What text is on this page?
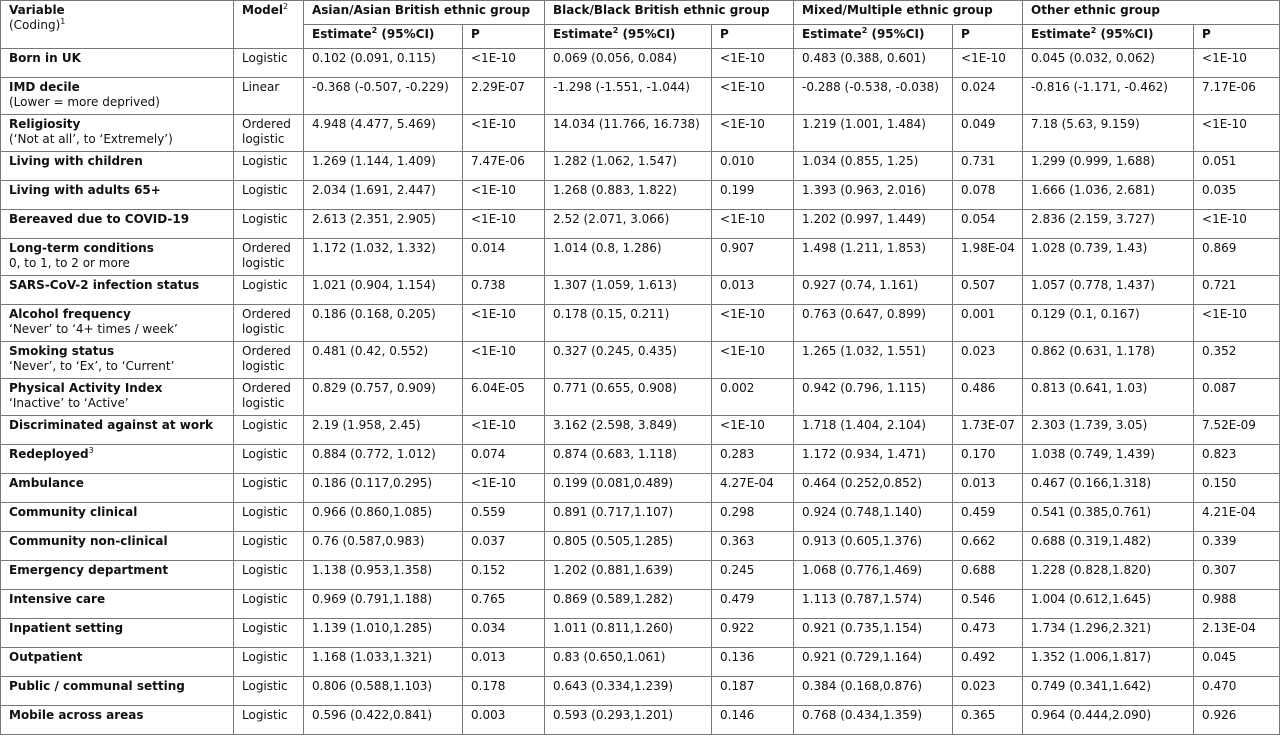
Variable
(Coding)$^1$	Model$^2$	Asian/Asian British ethnic group		Black/Black British ethnic group		Mixed/Multiple ethnic group		Other ethnic group	
		Estimate$^2$ (95%CI)	P	Estimate$^2$ (95%CI)	P	Estimate$^2$ (95%CI)	P	Estimate$^2$ (95%CI)	P
Born in UK	Logistic	0.102 (0.091, 0.115)	<1E-10	0.069 (0.056, 0.084)	<1E-10	0.483 (0.388, 0.601)	<1E-10	0.045 (0.032, 0.062)	<1E-10
IMD decile
(Lower = more deprived)	Linear	-0.368 (-0.507, -0.229)	2.29E-07	-1.298 (-1.551, -1.044)	<1E-10	-0.288 (-0.538, -0.038)	0.024	-0.816 (-1.171, -0.462)	7.17E-06
Religiosity
(‘Not at all’, to ‘Extremely’)	Ordered logistic	4.948 (4.477, 5.469)	<1E-10	14.034 (11.766, 16.738)	<1E-10	1.219 (1.001, 1.484)	0.049	7.18 (5.63, 9.159)	<1E-10
Living with children	Logistic	1.269 (1.144, 1.409)	7.47E-06	1.282 (1.062, 1.547)	0.010	1.034 (0.855, 1.25)	0.731	1.299 (0.999, 1.688)	0.051
Living with adults 65+	Logistic	2.034 (1.691, 2.447)	<1E-10	1.268 (0.883, 1.822)	0.199	1.393 (0.963, 2.016)	0.078	1.666 (1.036, 2.681)	0.035
Bereaved due to COVID-19	Logistic	2.613 (2.351, 2.905)	<1E-10	2.52 (2.071, 3.066)	<1E-10	1.202 (0.997, 1.449)	0.054	2.836 (2.159, 3.727)	<1E-10
Long-term conditions
0, to 1, to 2 or more	Ordered logistic	1.172 (1.032, 1.332)	0.014	1.014 (0.8, 1.286)	0.907	1.498 (1.211, 1.853)	1.98E-04	1.028 (0.739, 1.43)	0.869
SARS-CoV-2 infection status	Logistic	1.021 (0.904, 1.154)	0.738	1.307 (1.059, 1.613)	0.013	0.927 (0.74, 1.161)	0.507	1.057 (0.778, 1.437)	0.721
Alcohol frequency
‘Never’ to ‘4+ times / week’	Ordered logistic	0.186 (0.168, 0.205)	<1E-10	0.178 (0.15, 0.211)	<1E-10	0.763 (0.647, 0.899)	0.001	0.129 (0.1, 0.167)	<1E-10
Smoking status
‘Never’, to ‘Ex’, to ‘Current’	Ordered logistic	0.481 (0.42, 0.552)	<1E-10	0.327 (0.245, 0.435)	<1E-10	1.265 (1.032, 1.551)	0.023	0.862 (0.631, 1.178)	0.352
Physical Activity Index
‘Inactive’ to ‘Active’	Ordered logistic	0.829 (0.757, 0.909)	6.04E-05	0.771 (0.655, 0.908)	0.002	0.942 (0.796, 1.115)	0.486	0.813 (0.641, 1.03)	0.087
Discriminated against at work	Logistic	2.19 (1.958, 2.45)	<1E-10	3.162 (2.598, 3.849)	<1E-10	1.718 (1.404, 2.104)	1.73E-07	2.303 (1.739, 3.05)	7.52E-09
Redeployed$^3$	Logistic	0.884 (0.772, 1.012)	0.074	0.874 (0.683, 1.118)	0.283	1.172 (0.934, 1.471)	0.170	1.038 (0.749, 1.439)	0.823
Ambulance	Logistic	0.186 (0.117,0.295)	<1E-10	0.199 (0.081,0.489)	4.27E-04	0.464 (0.252,0.852)	0.013	0.467 (0.166,1.318)	0.150
Community clinical	Logistic	0.966 (0.860,1.085)	0.559	0.891 (0.717,1.107)	0.298	0.924 (0.748,1.140)	0.459	0.541 (0.385,0.761)	4.21E-04
Community non-clinical	Logistic	0.76 (0.587,0.983)	0.037	0.805 (0.505,1.285)	0.363	0.913 (0.605,1.376)	0.662	0.688 (0.319,1.482)	0.339
Emergency department	Logistic	1.138 (0.953,1.358)	0.152	1.202 (0.881,1.639)	0.245	1.068 (0.776,1.469)	0.688	1.228 (0.828,1.820)	0.307
Intensive care	Logistic	0.969 (0.791,1.188)	0.765	0.869 (0.589,1.282)	0.479	1.113 (0.787,1.574)	0.546	1.004 (0.612,1.645)	0.988
Inpatient setting	Logistic	1.139 (1.010,1.285)	0.034	1.011 (0.811,1.260)	0.922	0.921 (0.735,1.154)	0.473	1.734 (1.296,2.321)	2.13E-04
Outpatient	Logistic	1.168 (1.033,1.321)	0.013	0.83 (0.650,1.061)	0.136	0.921 (0.729,1.164)	0.492	1.352 (1.006,1.817)	0.045
Public / communal setting	Logistic	0.806 (0.588,1.103)	0.178	0.643 (0.334,1.239)	0.187	0.384 (0.168,0.876)	0.023	0.749 (0.341,1.642)	0.470
Mobile across areas	Logistic	0.596 (0.422,0.841)	0.003	0.593 (0.293,1.201)	0.146	0.768 (0.434,1.359)	0.365	0.964 (0.444,2.090)	0.926
